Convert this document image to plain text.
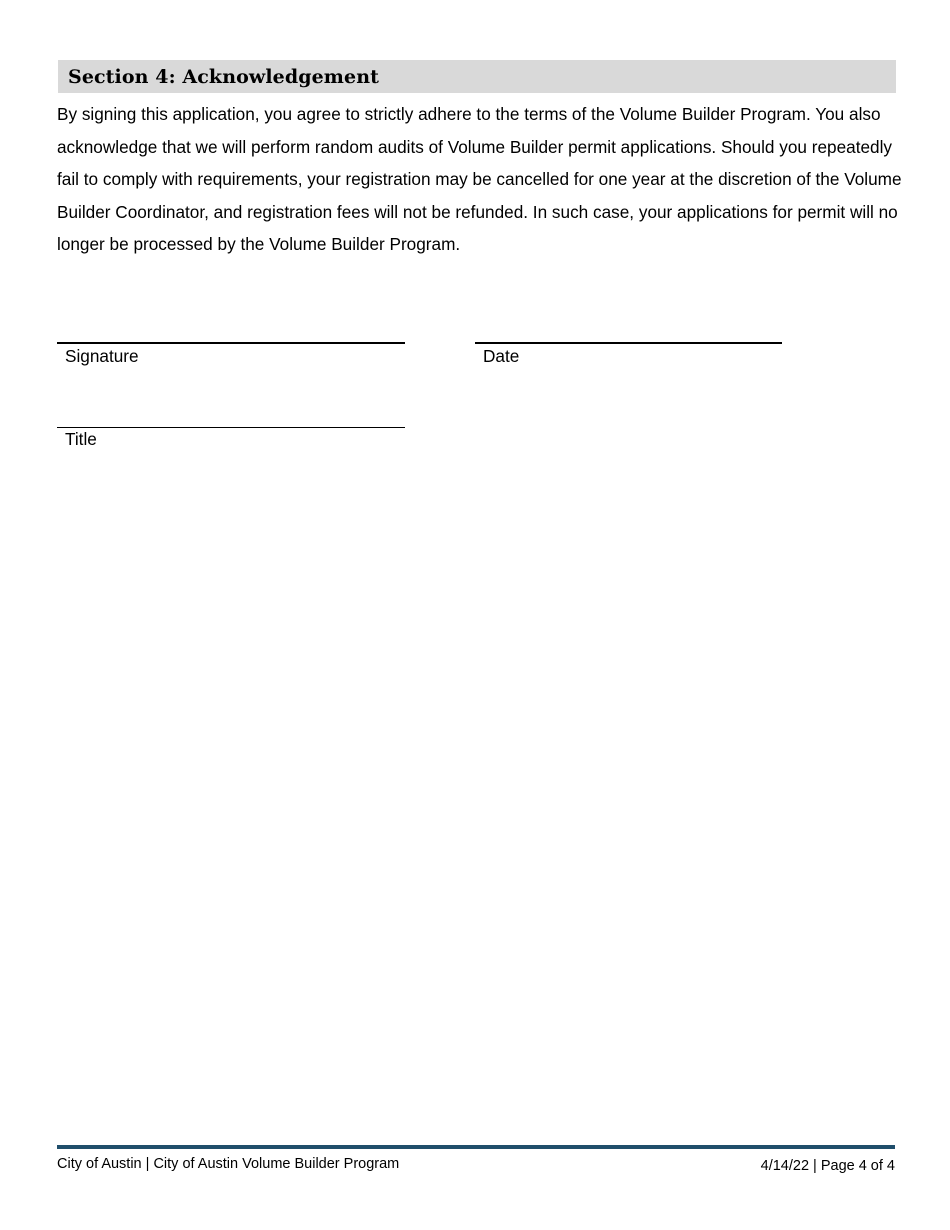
Section 4: Acknowledgement

By signing this application, you agree to strictly adhere to the terms of the Volume Builder Program. You also acknowledge that we will perform random audits of Volume Builder permit applications. Should you repeatedly fail to comply with requirements, your registration may be cancelled for one year at the discretion of the Volume Builder Coordinator, and registration fees will not be refunded. In such case, your applications for permit will no longer be processed by the Volume Builder Program.

Signature	Date
Title
City of Austin | City of Austin Volume Builder Program	4/14/22 | Page 4 of 4
